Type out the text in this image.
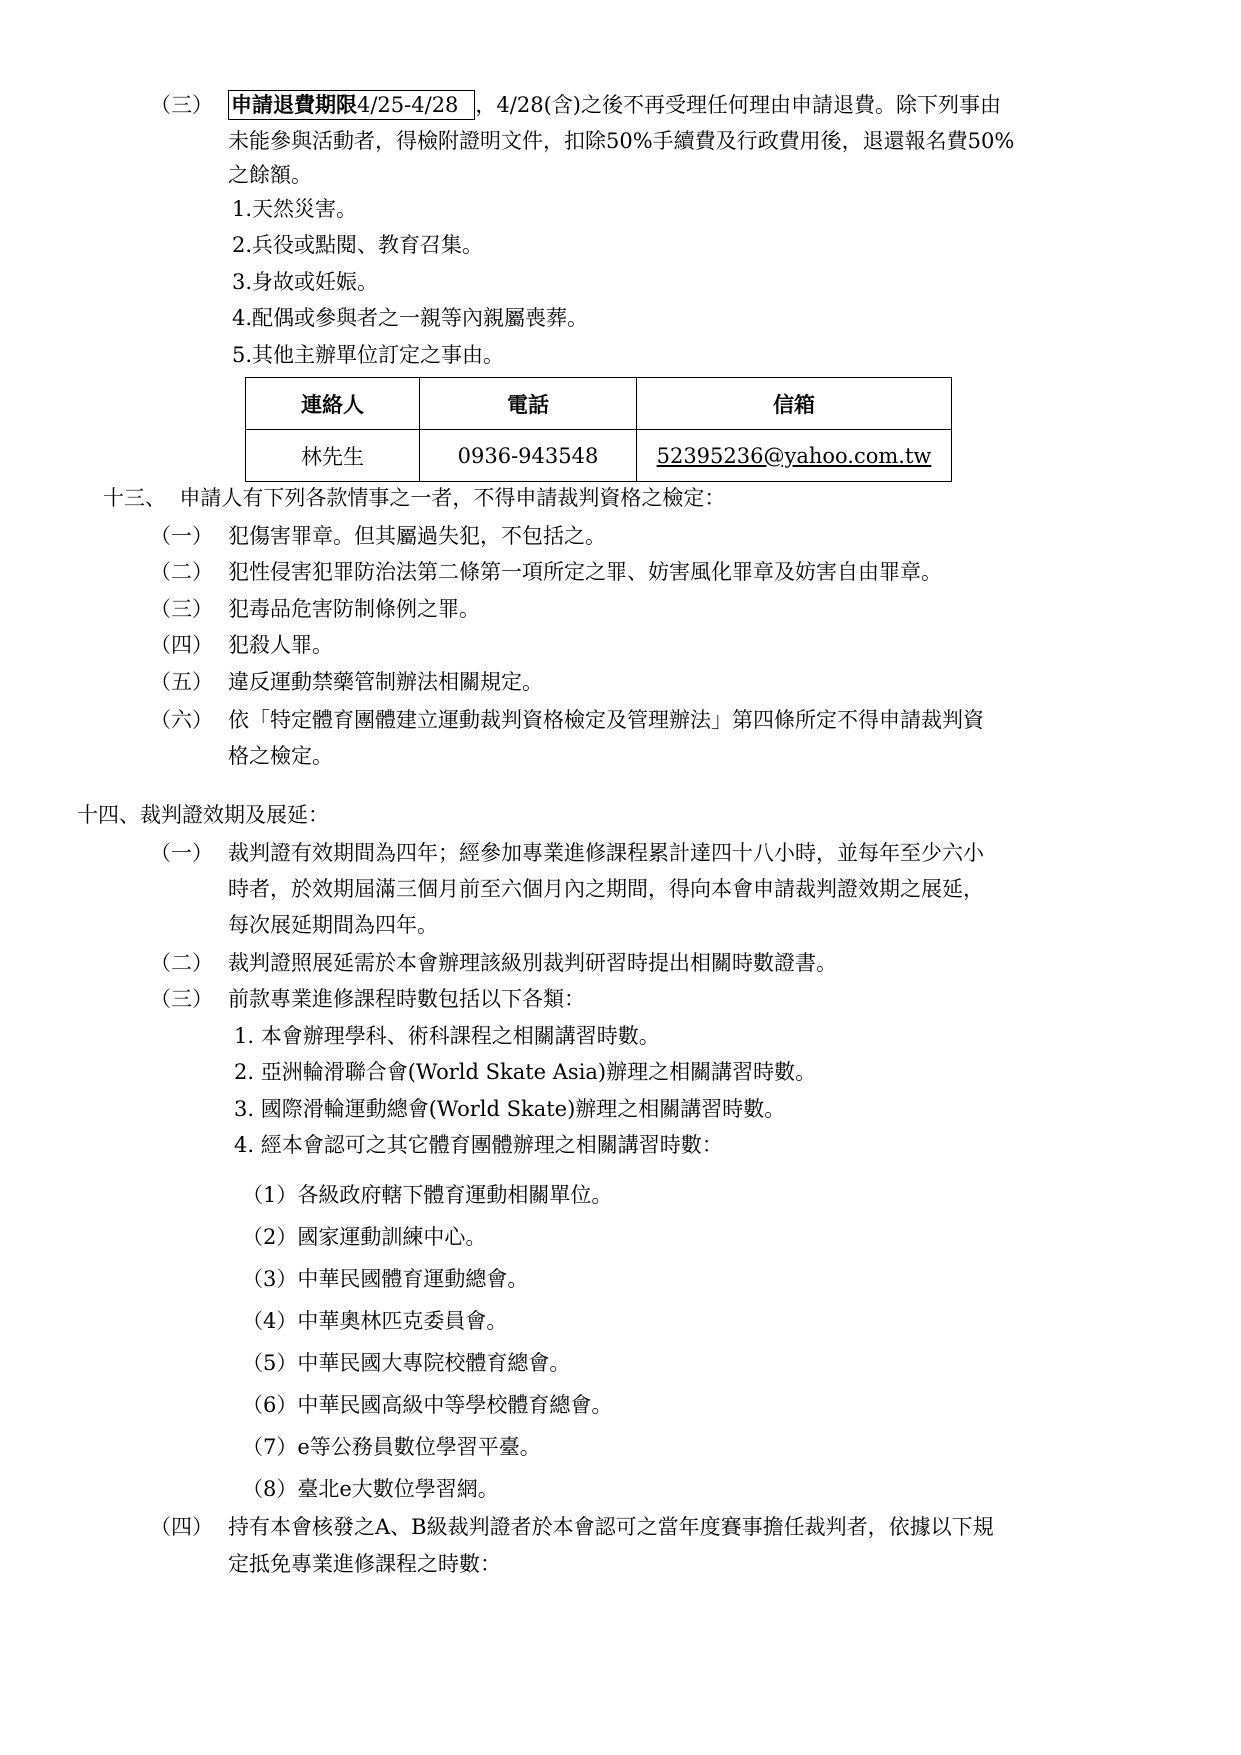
（三） 申請退費期限4/25-4/28 ，4/28(含)之後不再受理任何理由申請退費。除下列事由
未能參與活動者，得檢附證明文件，扣除50%手續費及行政費用後，退還報名費50%
之餘額。
1.天然災害。
2.兵役或點閱、教育召集。
3.身故或妊娠。
4.配偶或參與者之一親等內親屬喪葬。
5.其他主辦單位訂定之事由。
連絡人	電話	信箱
林先生	0936-943548	52395236@yahoo.com.tw
十三、  申請人有下列各款情事之一者，不得申請裁判資格之檢定：
（一） 犯傷害罪章。但其屬過失犯，不包括之。
（二） 犯性侵害犯罪防治法第二條第一項所定之罪、妨害風化罪章及妨害自由罪章。
（三） 犯毒品危害防制條例之罪。
（四） 犯殺人罪。
（五） 違反運動禁藥管制辦法相關規定。
（六） 依「特定體育團體建立運動裁判資格檢定及管理辦法」第四條所定不得申請裁判資
格之檢定。
十四、裁判證效期及展延：
（一） 裁判證有效期間為四年；經參加專業進修課程累計達四十八小時，並每年至少六小
時者，於效期屆滿三個月前至六個月內之期間，得向本會申請裁判證效期之展延，
每次展延期間為四年。
（二） 裁判證照展延需於本會辦理該級別裁判研習時提出相關時數證書。
（三） 前款專業進修課程時數包括以下各類：
1. 本會辦理學科、術科課程之相關講習時數。
2. 亞洲輪滑聯合會(World Skate Asia)辦理之相關講習時數。
3. 國際滑輪運動總會(World Skate)辦理之相關講習時數。
4. 經本會認可之其它體育團體辦理之相關講習時數：
（1）各級政府轄下體育運動相關單位。
（2）國家運動訓練中心。
（3）中華民國體育運動總會。
（4）中華奧林匹克委員會。
（5）中華民國大專院校體育總會。
（6）中華民國高級中等學校體育總會。
（7）e等公務員數位學習平臺。
（8）臺北e大數位學習網。
（四） 持有本會核發之A、B級裁判證者於本會認可之當年度賽事擔任裁判者，依據以下規
定抵免專業進修課程之時數：
